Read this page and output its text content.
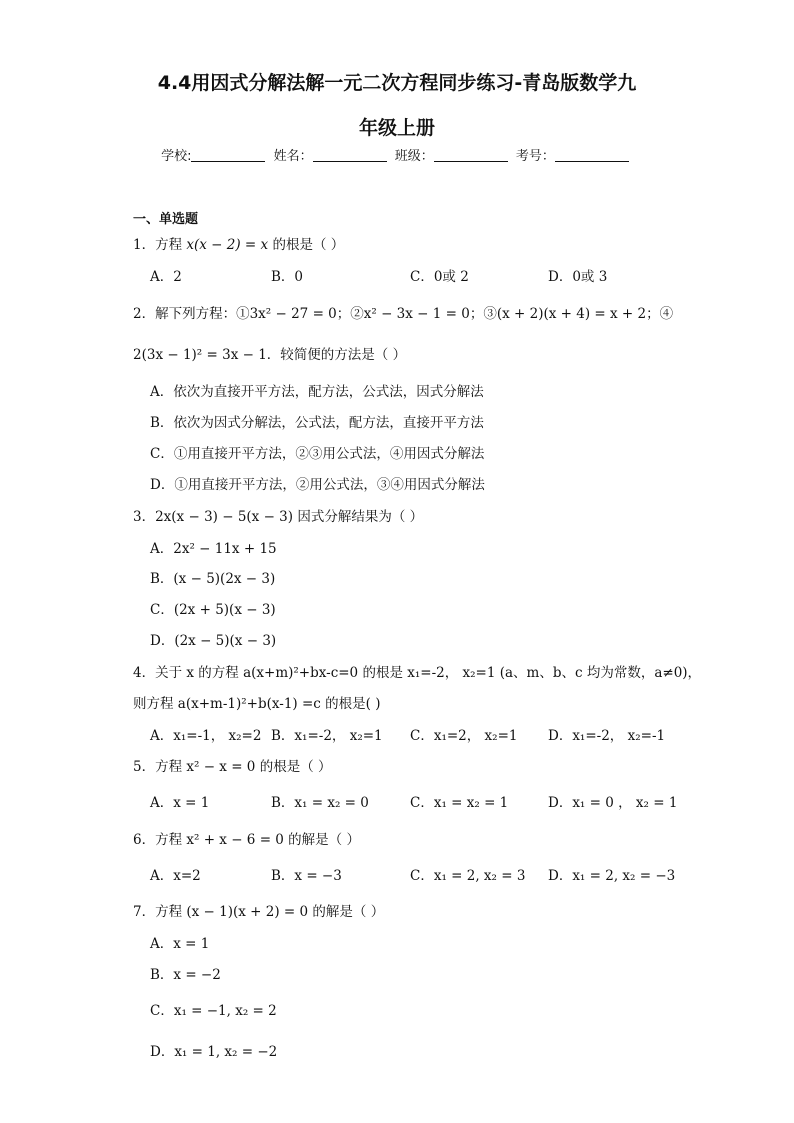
4.4用因式分解法解一元二次方程同步练习-青岛版数学九
年级上册
学校:	姓名：	班级：	考号：
一、单选题
1．方程 x(x − 2) = x 的根是（ ）
A．2	B．0	C．0或 2	D．0或 3
2．解下列方程：①3x² − 27 = 0；②x² − 3x − 1 = 0；③(x + 2)(x + 4) = x + 2；④
2(3x − 1)² = 3x − 1．较简便的方法是（ ）
A．依次为直接开平方法，配方法，公式法，因式分解法
B．依次为因式分解法，公式法，配方法，直接开平方法
C．①用直接开平方法，②③用公式法，④用因式分解法
D．①用直接开平方法，②用公式法，③④用因式分解法
3．2x(x − 3) − 5(x − 3) 因式分解结果为（ ）
A．2x² − 11x + 15
B．(x − 5)(2x − 3)
C．(2x + 5)(x − 3)
D．(2x − 5)(x − 3)
4．关于 x 的方程 a(x+m)²+bx-c=0 的根是 x₁=-2， x₂=1 (a、m、b、c 均为常数，a≠0)，
则方程 a(x+m-1)²+b(x-1) =c 的根是( )
A．x₁=-1， x₂=2 B．x₁=-2， x₂=1 C．x₁=2， x₂=1 D．x₁=-2， x₂=-1
5．方程 x² − x = 0 的根是（ ）
A．x = 1	B．x₁ = x₂ = 0	C．x₁ = x₂ = 1	D．x₁ = 0 ， x₂ = 1
6．方程 x² + x − 6 = 0 的解是（ ）
A．x=2	B．x = −3	C．x₁ = 2, x₂ = 3 D．x₁ = 2, x₂ = −3
7．方程 (x − 1)(x + 2) = 0 的解是（ ）
A．x = 1
B．x = −2
C．x₁ = −1, x₂ = 2
D．x₁ = 1, x₂ = −2
